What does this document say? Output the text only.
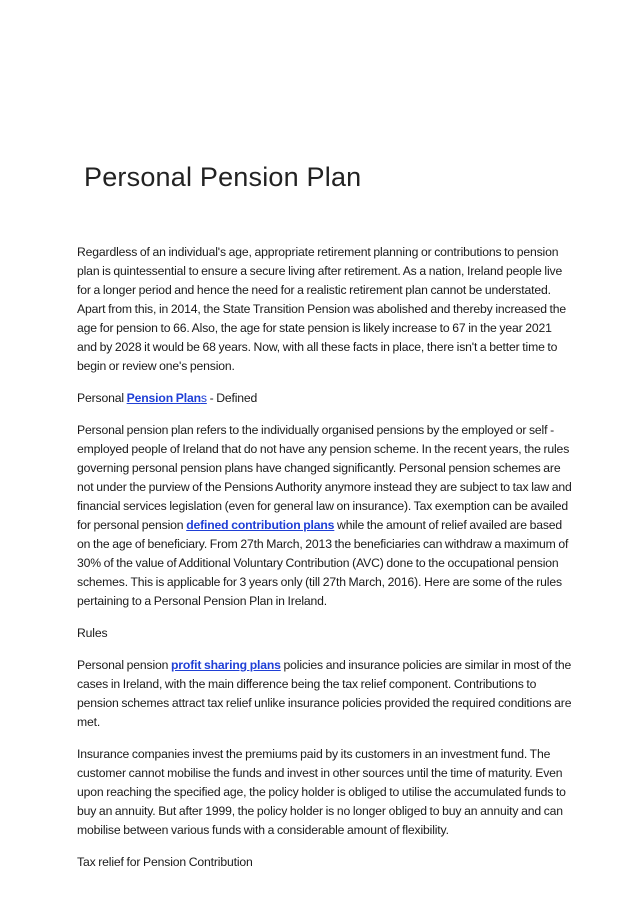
Personal Pension Plan

Regardless of an individual's age, appropriate retirement planning or contributions to pension plan is quintessential to ensure a secure living after retirement. As a nation, Ireland people live for a longer period and hence the need for a realistic retirement plan cannot be understated. Apart from this, in 2014, the State Transition Pension was abolished and thereby increased the age for pension to 66. Also, the age for state pension is likely increase to 67 in the year 2021 and by 2028 it would be 68 years. Now, with all these facts in place, there isn't a better time to begin or review one's pension.

Personal Pension Plans - Defined

Personal pension plan refers to the individually organised pensions by the employed or self - employed people of Ireland that do not have any pension scheme. In the recent years, the rules governing personal pension plans have changed significantly. Personal pension schemes are not under the purview of the Pensions Authority anymore instead they are subject to tax law and financial services legislation (even for general law on insurance). Tax exemption can be availed for personal pension defined contribution plans while the amount of relief availed are based on the age of beneficiary. From 27th March, 2013 the beneficiaries can withdraw a maximum of 30% of the value of Additional Voluntary Contribution (AVC) done to the occupational pension schemes. This is applicable for 3 years only (till 27th March, 2016). Here are some of the rules pertaining to a Personal Pension Plan in Ireland.

Rules

Personal pension profit sharing plans policies and insurance policies are similar in most of the cases in Ireland, with the main difference being the tax relief component. Contributions to pension schemes attract tax relief unlike insurance policies provided the required conditions are met.

Insurance companies invest the premiums paid by its customers in an investment fund. The customer cannot mobilise the funds and invest in other sources until the time of maturity. Even upon reaching the specified age, the policy holder is obliged to utilise the accumulated funds to buy an annuity. But after 1999, the policy holder is no longer obliged to buy an annuity and can mobilise between various funds with a considerable amount of flexibility.

Tax relief for Pension Contribution
